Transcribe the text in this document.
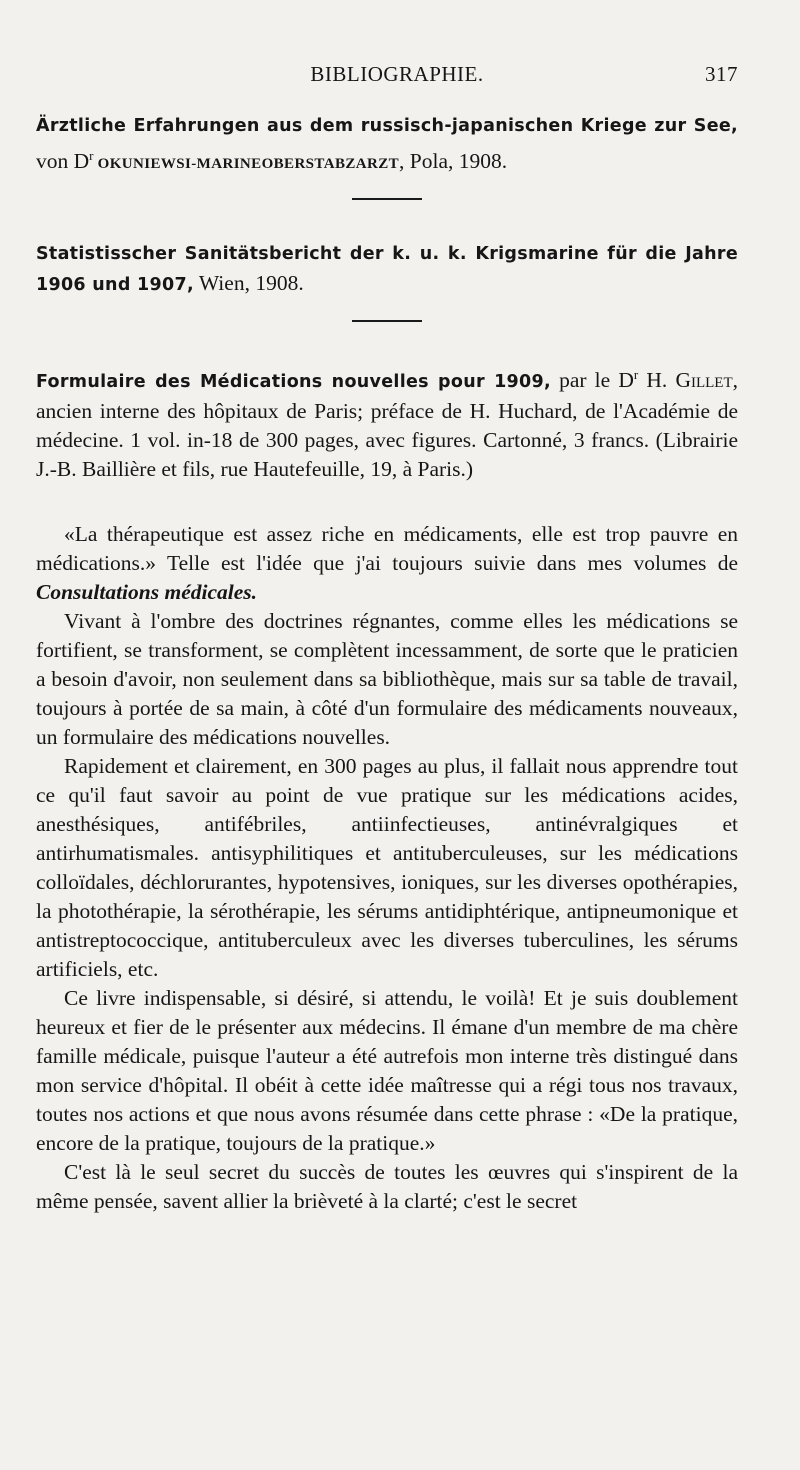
BIBLIOGRAPHIE.	317

Ärztliche Erfahrungen aus dem russisch-japanischen Kriege zur See, von $D^r$ OKUNIEWSI-MARINEOBERSTABZARZT, Pola, 1908.

Statistisscher Sanitätsbericht der k. u. k. Krigsmarine für die Jahre 1906 und 1907, Wien, 1908.

Formulaire des Médications nouvelles pour 1909, par le $D^r$ H. Gillet, ancien interne des hôpitaux de Paris; préface de H. Huchard, de l'Académie de médecine. 1 vol. in-18 de 300 pages, avec figures. Cartonné, 3 francs. (Librairie J.-B. Baillière et fils, rue Hautefeuille, 19, à Paris.)

«La thérapeutique est assez riche en médicaments, elle est trop pauvre en médications.» Telle est l'idée que j'ai toujours suivie dans mes volumes de Consultations médicales.

Vivant à l'ombre des doctrines régnantes, comme elles les médications se fortifient, se transforment, se complètent incessamment, de sorte que le praticien a besoin d'avoir, non seulement dans sa bibliothèque, mais sur sa table de travail, toujours à portée de sa main, à côté d'un formulaire des médicaments nouveaux, un formulaire des médications nouvelles.

Rapidement et clairement, en 300 pages au plus, il fallait nous apprendre tout ce qu'il faut savoir au point de vue pratique sur les médications acides, anesthésiques, antifébriles, antiinfectieuses, antinévralgiques et antirhumatismales. antisyphilitiques et antituberculeuses, sur les médications colloïdales, déchlorurantes, hypotensives, ioniques, sur les diverses opothérapies, la photothérapie, la sérothérapie, les sérums antidiphtérique, antipneumonique et antistreptococcique, antituberculeux avec les diverses tuberculines, les sérums artificiels, etc.

Ce livre indispensable, si désiré, si attendu, le voilà! Et je suis doublement heureux et fier de le présenter aux médecins. Il émane d'un membre de ma chère famille médicale, puisque l'auteur a été autrefois mon interne très distingué dans mon service d'hôpital. Il obéit à cette idée maîtresse qui a régi tous nos travaux, toutes nos actions et que nous avons résumée dans cette phrase : «De la pratique, encore de la pratique, toujours de la pratique.»

C'est là le seul secret du succès de toutes les œuvres qui s'inspirent de la même pensée, savent allier la brièveté à la clarté; c'est le secret
